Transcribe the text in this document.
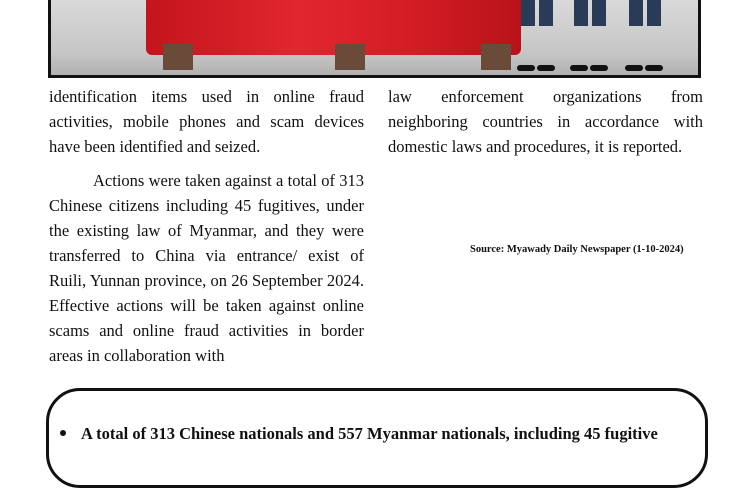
identification items used in online fraud activities, mobile phones and scam devices have been identified and seized.

Actions were taken against a total of 313 Chinese citizens including 45 fugitives, under the existing law of Myanmar, and they were transferred to China via entrance/ exist of Ruili, Yunnan province, on 26 September 2024. Effective actions will be taken against online scams and online fraud activities in border areas in collaboration with

law enforcement organizations from neighboring countries in accordance with domestic laws and procedures, it is reported.

Source: Myawady Daily Newspaper (1-10-2024)
A total of 313 Chinese nationals and 557 Myanmar nationals, including 45 fugitive
